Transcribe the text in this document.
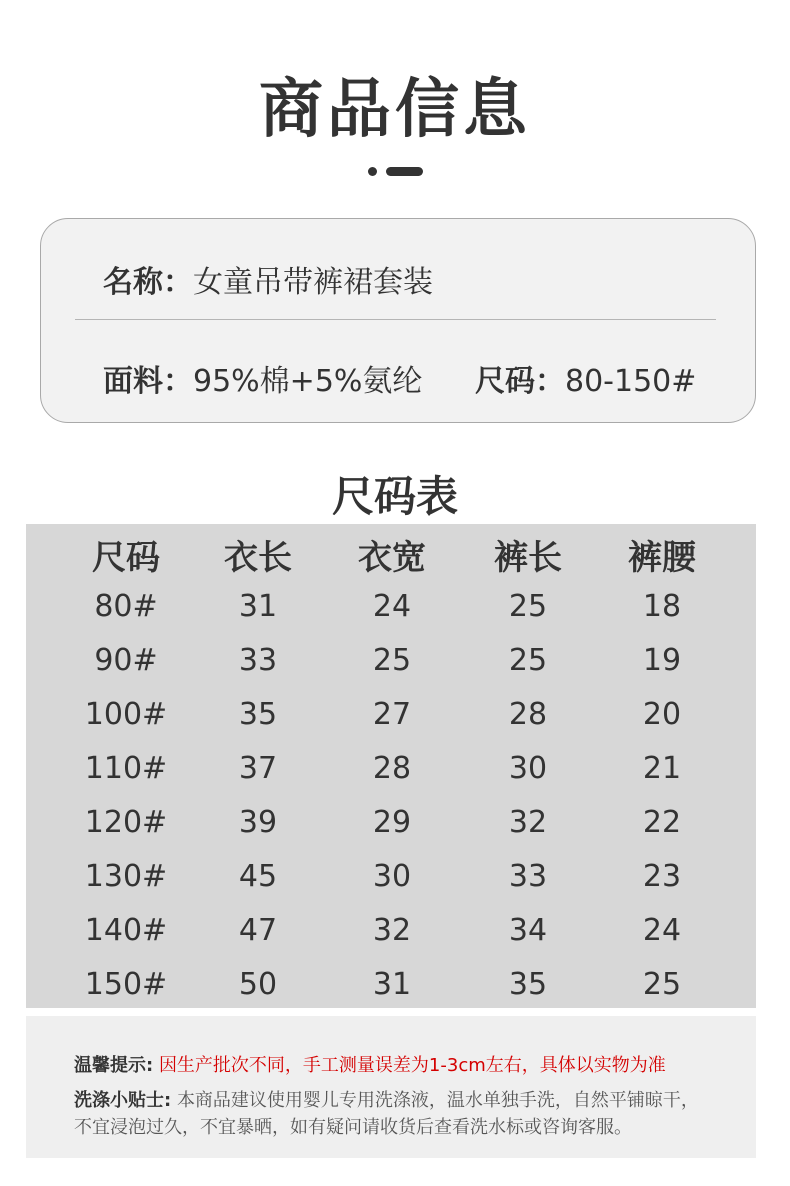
商品信息
名称：女童吊带裤裙套装
面料：95%棉+5%氨纶 尺码：80-150#
尺码表
尺码	衣长	衣宽	裤长	裤腰
80#	31	24	25	18
90#	33	25	25	19
100#	35	27	28	20
110#	37	28	30	21
120#	39	29	32	22
130#	45	30	33	23
140#	47	32	34	24
150#	50	31	35	25
温馨提示: 因生产批次不同，手工测量误差为1-3cm左右，具体以实物为准
洗涤小贴士: 本商品建议使用婴儿专用洗涤液，温水单独手洗，自然平铺晾干，
不宜浸泡过久，不宜暴晒，如有疑问请收货后查看洗水标或咨询客服。
